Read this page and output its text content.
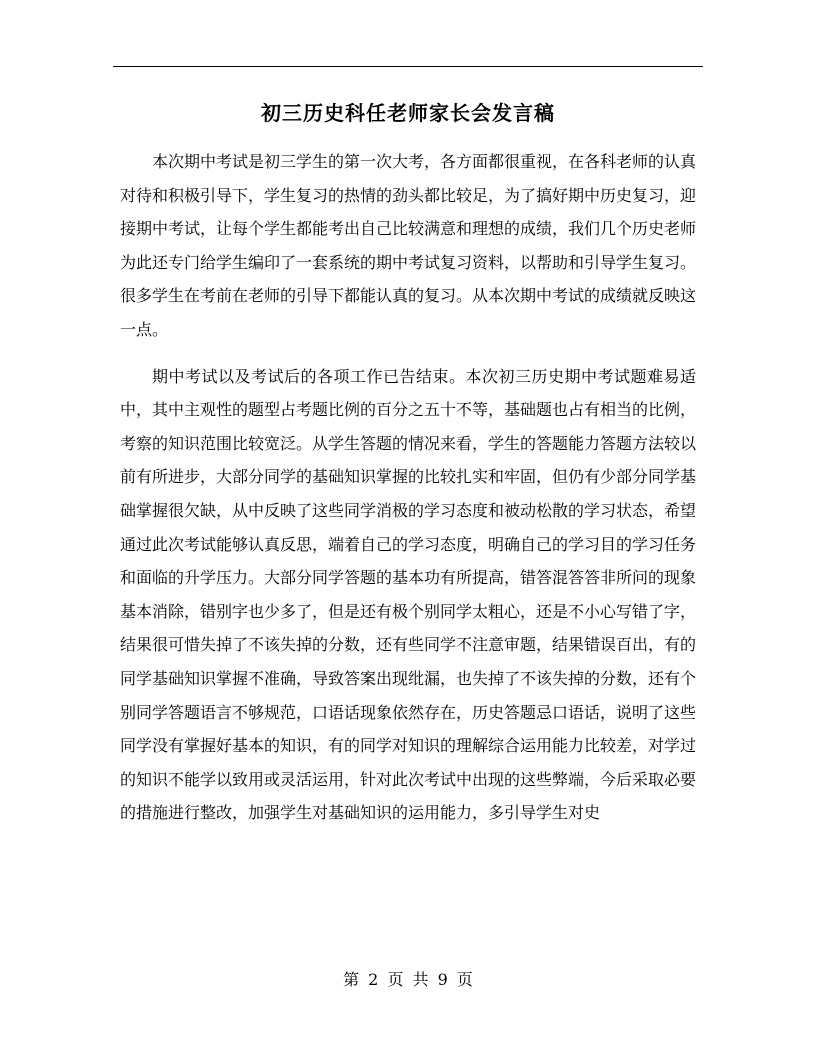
初三历史科任老师家长会发言稿

本次期中考试是初三学生的第一次大考，各方面都很重视，在各科老师的认真对待和积极引导下，学生复习的热情的劲头都比较足，为了搞好期中历史复习，迎接期中考试，让每个学生都能考出自己比较满意和理想的成绩，我们几个历史老师为此还专门给学生编印了一套系统的期中考试复习资料，以帮助和引导学生复习。很多学生在考前在老师的引导下都能认真的复习。从本次期中考试的成绩就反映这一点。

期中考试以及考试后的各项工作已告结束。本次初三历史期中考试题难易适中，其中主观性的题型占考题比例的百分之五十不等，基础题也占有相当的比例，考察的知识范围比较宽泛。从学生答题的情况来看，学生的答题能力答题方法较以前有所进步，大部分同学的基础知识掌握的比较扎实和牢固，但仍有少部分同学基础掌握很欠缺，从中反映了这些同学消极的学习态度和被动松散的学习状态，希望通过此次考试能够认真反思，端着自己的学习态度，明确自己的学习目的学习任务和面临的升学压力。大部分同学答题的基本功有所提高，错答混答答非所问的现象基本消除，错别字也少多了，但是还有极个别同学太粗心，还是不小心写错了字，结果很可惜失掉了不该失掉的分数，还有些同学不注意审题，结果错误百出，有的同学基础知识掌握不准确，导致答案出现纰漏，也失掉了不该失掉的分数，还有个别同学答题语言不够规范，口语话现象依然存在，历史答题忌口语话，说明了这些同学没有掌握好基本的知识，有的同学对知识的理解综合运用能力比较差，对学过的知识不能学以致用或灵活运用，针对此次考试中出现的这些弊端，今后采取必要的措施进行整改，加强学生对基础知识的运用能力，多引导学生对史

第 2 页 共 9 页
